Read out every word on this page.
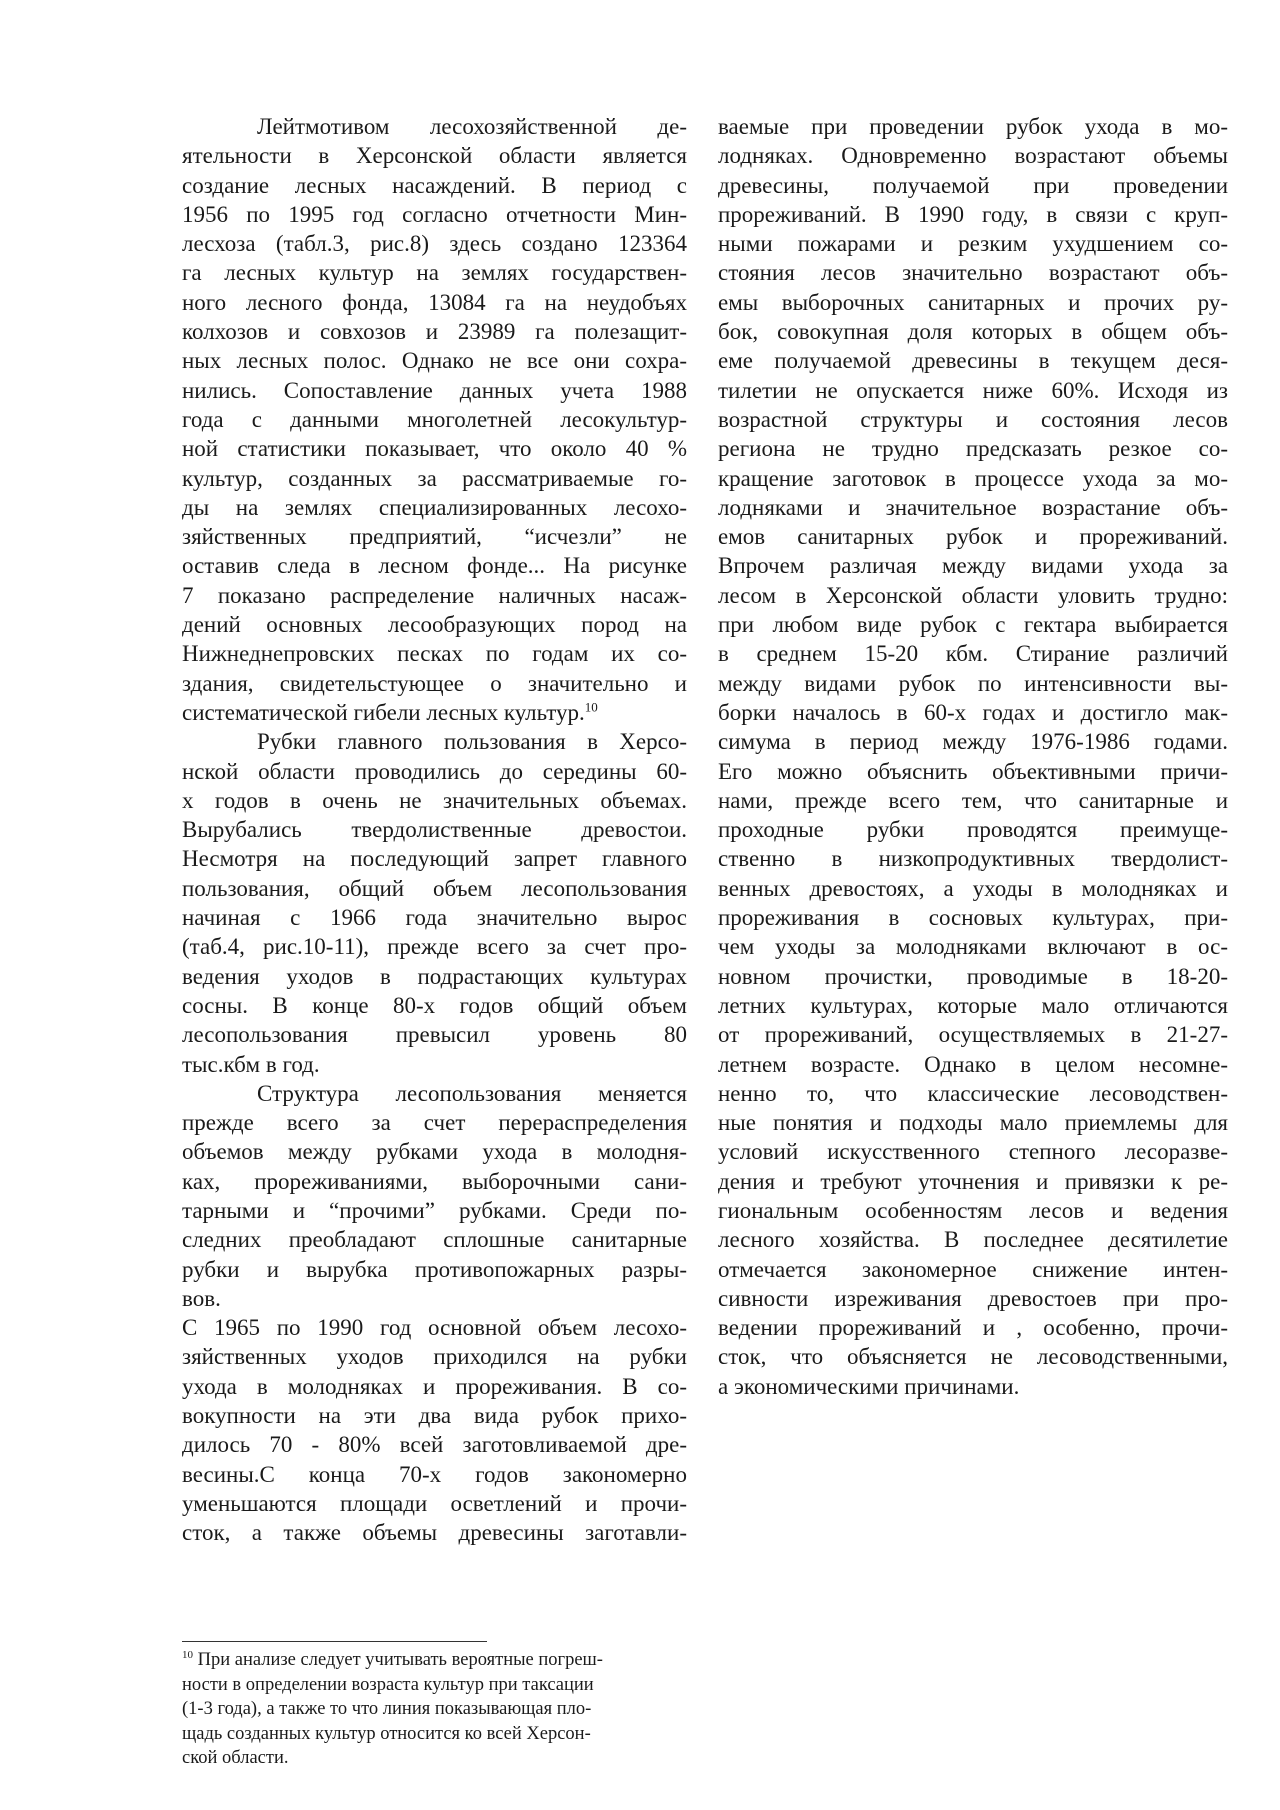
Лейтмотивом лесохозяйственной де-
ятельности в Херсонской области является
создание лесных насаждений. В период с
1956 по 1995 год согласно отчетности Мин-
лесхоза (табл.3, рис.8) здесь создано 123364
га лесных культур на землях государствен-
ного лесного фонда, 13084 га на неудобъях
колхозов и совхозов и 23989 га полезащит-
ных лесных полос. Однако не все они сохра-
нились. Сопоставление данных учета 1988
года с данными многолетней лесокультур-
ной статистики показывает, что около 40 %
культур, созданных за рассматриваемые го-
ды на землях специализированных лесохо-
зяйственных предприятий, “исчезли” не
оставив следа в лесном фонде... На рисунке
7 показано распределение наличных насаж-
дений основных лесообразующих пород на
Нижнеднепровских песках по годам их со-
здания, свидетельстующее о значительно и
систематической гибели лесных культур.$^{10}$
Рубки главного пользования в Херсо-
нской области проводились до середины 60-
х годов в очень не значительных объемах.
Вырубались твердолиственные древостои.
Несмотря на последующий запрет главного
пользования, общий объем лесопользования
начиная с 1966 года значительно вырос
(таб.4, рис.10-11), прежде всего за счет про-
ведения уходов в подрастающих культурах
сосны. В конце 80-х годов общий объем
лесопользования превысил уровень 80
тыс.кбм в год.
Структура лесопользования меняется
прежде всего за счет перераспределения
объемов между рубками ухода в молодня-
ках, прореживаниями, выборочными сани-
тарными и “прочими” рубками. Среди по-
следних преобладают сплошные санитарные
рубки и вырубка противопожарных разры-
вов.
С 1965 по 1990 год основной объем лесохо-
зяйственных уходов приходился на рубки
ухода в молодняках и прореживания. В со-
вокупности на эти два вида рубок прихо-
дилось 70 - 80% всей заготовливаемой дре-
весины.С конца 70-х годов закономерно
уменьшаются площади осветлений и прочи-
сток, а также объемы древесины заготавли-
ваемые при проведении рубок ухода в мо-
лодняках. Одновременно возрастают объемы
древесины, получаемой при проведении
прореживаний. В 1990 году, в связи с круп-
ными пожарами и резким ухудшением со-
стояния лесов значительно возрастают объ-
емы выборочных санитарных и прочих ру-
бок, совокупная доля которых в общем объ-
еме получаемой древесины в текущем деся-
тилетии не опускается ниже 60%. Исходя из
возрастной структуры и состояния лесов
региона не трудно предсказать резкое со-
кращение заготовок в процессе ухода за мо-
лодняками и значительное возрастание объ-
емов санитарных рубок и прореживаний.
Впрочем различая между видами ухода за
лесом в Херсонской области уловить трудно:
при любом виде рубок с гектара выбирается
в среднем 15-20 кбм. Стирание различий
между видами рубок по интенсивности вы-
борки началось в 60-х годах и достигло мак-
симума в период между 1976-1986 годами.
Его можно объяснить объективными причи-
нами, прежде всего тем, что санитарные и
проходные рубки проводятся преимуще-
ственно в низкопродуктивных твердолист-
венных древостоях, а уходы в молодняках и
прореживания в сосновых культурах, при-
чем уходы за молодняками включают в ос-
новном прочистки, проводимые в 18-20-
летних культурах, которые мало отличаются
от прореживаний, осуществляемых в 21-27-
летнем возрасте. Однако в целом несомне-
ненно то, что классические лесоводствен-
ные понятия и подходы мало приемлемы для
условий искусственного степного лесоразве-
дения и требуют уточнения и привязки к ре-
гиональным особенностям лесов и ведения
лесного хозяйства. В последнее десятилетие
отмечается закономерное снижение интен-
сивности изреживания древостоев при про-
ведении прореживаний и , особенно, прочи-
сток, что объясняется не лесоводственными,
а экономическими причинами.
$^{10}$ При анализе следует учитывать вероятные погреш-
ности в определении возраста культур при таксации
(1-3 года), а также то что линия показывающая пло-
щадь созданных культур относится ко всей Херсон-
ской области.
